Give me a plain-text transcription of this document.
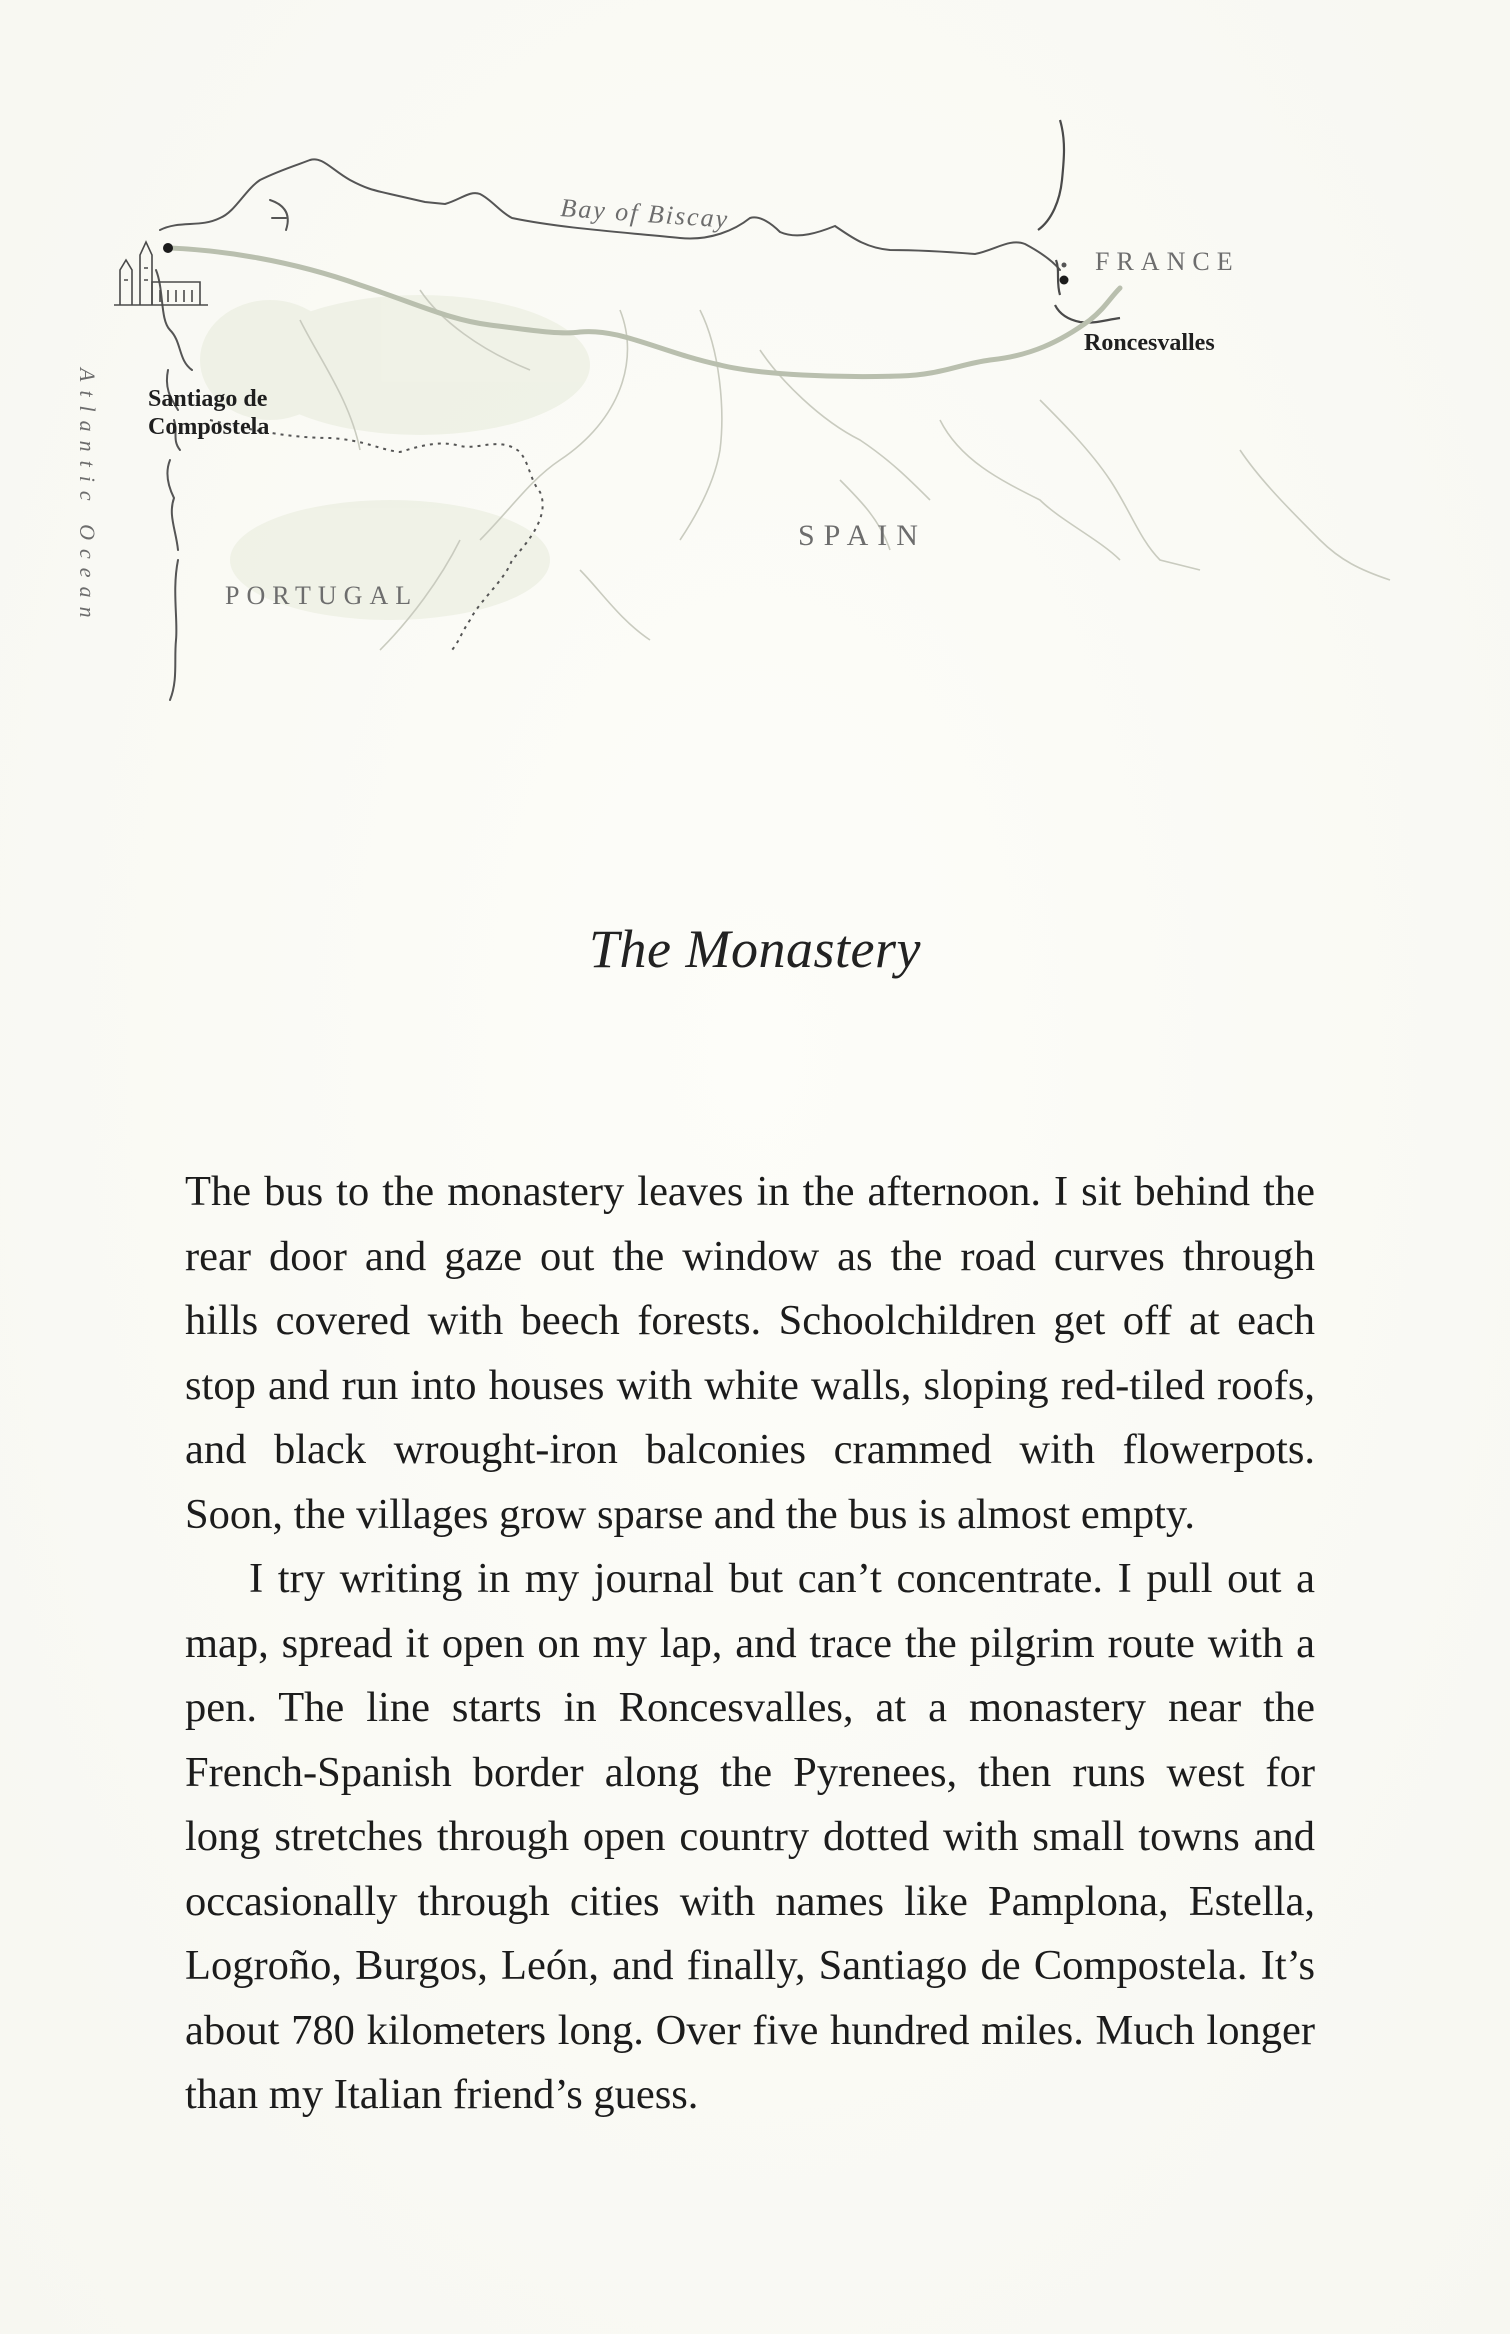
Bay of Biscay
FRANCE
Roncesvalles
Santiago de
Compostela
SPAIN
PORTUGAL
Atlantic Ocean
The Monastery

The bus to the monastery leaves in the afternoon. I sit behind the rear door and gaze out the window as the road curves through hills covered with beech forests. Schoolchildren get off at each stop and run into houses with white walls, sloping red-tiled roofs, and black wrought-iron balconies crammed with flowerpots. Soon, the villages grow sparse and the bus is almost empty.

I try writing in my journal but can’t concentrate. I pull out a map, spread it open on my lap, and trace the pilgrim route with a pen. The line starts in Roncesvalles, at a monastery near the French-Spanish border along the Pyrenees, then runs west for long stretches through open country dotted with small towns and occasionally through cities with names like Pamplona, Estella, Logroño, Burgos, León, and finally, Santiago de Compostela. It’s about 780 kilometers long. Over five hundred miles. Much longer than my Italian friend’s guess.
